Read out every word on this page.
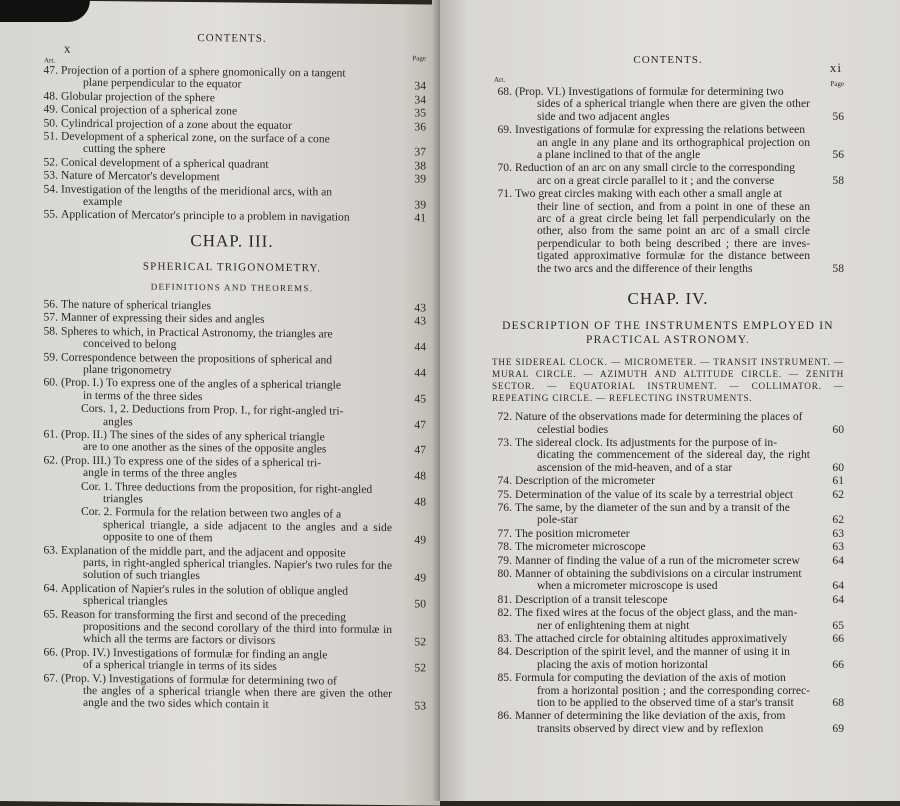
x
CONTENTS.
Art.	Page
47. Projection of a portion of a sphere gnomonically on a tangent
plane perpendicular to the equator	34
48. Globular projection of the sphere	34
49. Conical projection of a spherical zone	35
50. Cylindrical projection of a zone about the equator	36
51. Development of a spherical zone, on the surface of a cone
cutting the sphere	37
52. Conical development of a spherical quadrant	38
53. Nature of Mercator's development	39
54. Investigation of the lengths of the meridional arcs, with an
example	39
55. Application of Mercator's principle to a problem in navigation	41
CHAP. III.
SPHERICAL TRIGONOMETRY.
DEFINITIONS AND THEOREMS.
56. The nature of spherical triangles	43
57. Manner of expressing their sides and angles	43
58. Spheres to which, in Practical Astronomy, the triangles are
conceived to belong	44
59. Correspondence between the propositions of spherical and
plane trigonometry	44
60. (Prop. I.) To express one of the angles of a spherical triangle
in terms of the three sides	45
Cors. 1, 2. Deductions from Prop. I., for right-angled tri-
angles	47
61. (Prop. II.) The sines of the sides of any spherical triangle
are to one another as the sines of the opposite angles	47
62. (Prop. III.) To express one of the sides of a spherical tri-
angle in terms of the three angles	48
Cor. 1. Three deductions from the proposition, for right-angled
triangles	48
Cor. 2. Formula for the relation between two angles of a
spherical triangle, a side adjacent to the angles and a side opposite to one of them	49
63. Explanation of the middle part, and the adjacent and opposite
parts, in right-angled spherical triangles. Napier's two rules for the solution of such triangles	49
64. Application of Napier's rules in the solution of oblique angled
spherical triangles	50
65. Reason for transforming the first and second of the preceding
propositions and the second corollary of the third into formulæ in which all the terms are factors or divisors	52
66. (Prop. IV.) Investigations of formulæ for finding an angle
of a spherical triangle in terms of its sides	52
67. (Prop. V.) Investigations of formulæ for determining two of
the angles of a spherical triangle when there are given the other angle and the two sides which contain it	53
CONTENTS.	xi
Art.	Page
68. (Prop. VI.) Investigations of formulæ for determining two
sides of a spherical triangle when there are given the other side and two adjacent angles	56
69. Investigations of formulæ for expressing the relations between
an angle in any plane and its orthographical projection on a plane inclined to that of the angle	56
70. Reduction of an arc on any small circle to the corresponding
arc on a great circle parallel to it ; and the converse	58
71. Two great circles making with each other a small angle at
their line of section, and from a point in one of these an arc of a great circle being let fall perpendicularly on the other, also from the same point an arc of a small circle perpendicular to both being described ; there are inves-tigated approximative formulæ for the distance between the two arcs and the difference of their lengths	58
CHAP. IV.
DESCRIPTION OF THE INSTRUMENTS EMPLOYED IN PRACTICAL ASTRONOMY.
THE SIDEREAL CLOCK. — MICROMETER. — TRANSIT INSTRUMENT. — MURAL CIRCLE. — AZIMUTH AND ALTITUDE CIRCLE. — ZENITH SECTOR. — EQUATORIAL INSTRUMENT. — COLLIMATOR. — REPEATING CIRCLE. — REFLECTING INSTRUMENTS.
72. Nature of the observations made for determining the places of
celestial bodies	60
73. The sidereal clock. Its adjustments for the purpose of in-
dicating the commencement of the sidereal day, the right ascension of the mid-heaven, and of a star	60
74. Description of the micrometer	61
75. Determination of the value of its scale by a terrestrial object	62
76. The same, by the diameter of the sun and by a transit of the
pole-star	62
77. The position micrometer	63
78. The micrometer microscope	63
79. Manner of finding the value of a run of the micrometer screw	64
80. Manner of obtaining the subdivisions on a circular instrument
when a micrometer microscope is used	64
81. Description of a transit telescope	64
82. The fixed wires at the focus of the object glass, and the man-
ner of enlightening them at night	65
83. The attached circle for obtaining altitudes approximatively	66
84. Description of the spirit level, and the manner of using it in
placing the axis of motion horizontal	66
85. Formula for computing the deviation of the axis of motion
from a horizontal position ; and the corresponding correc-tion to be applied to the observed time of a star's transit	68
86. Manner of determining the like deviation of the axis, from
transits observed by direct view and by reflexion	69
